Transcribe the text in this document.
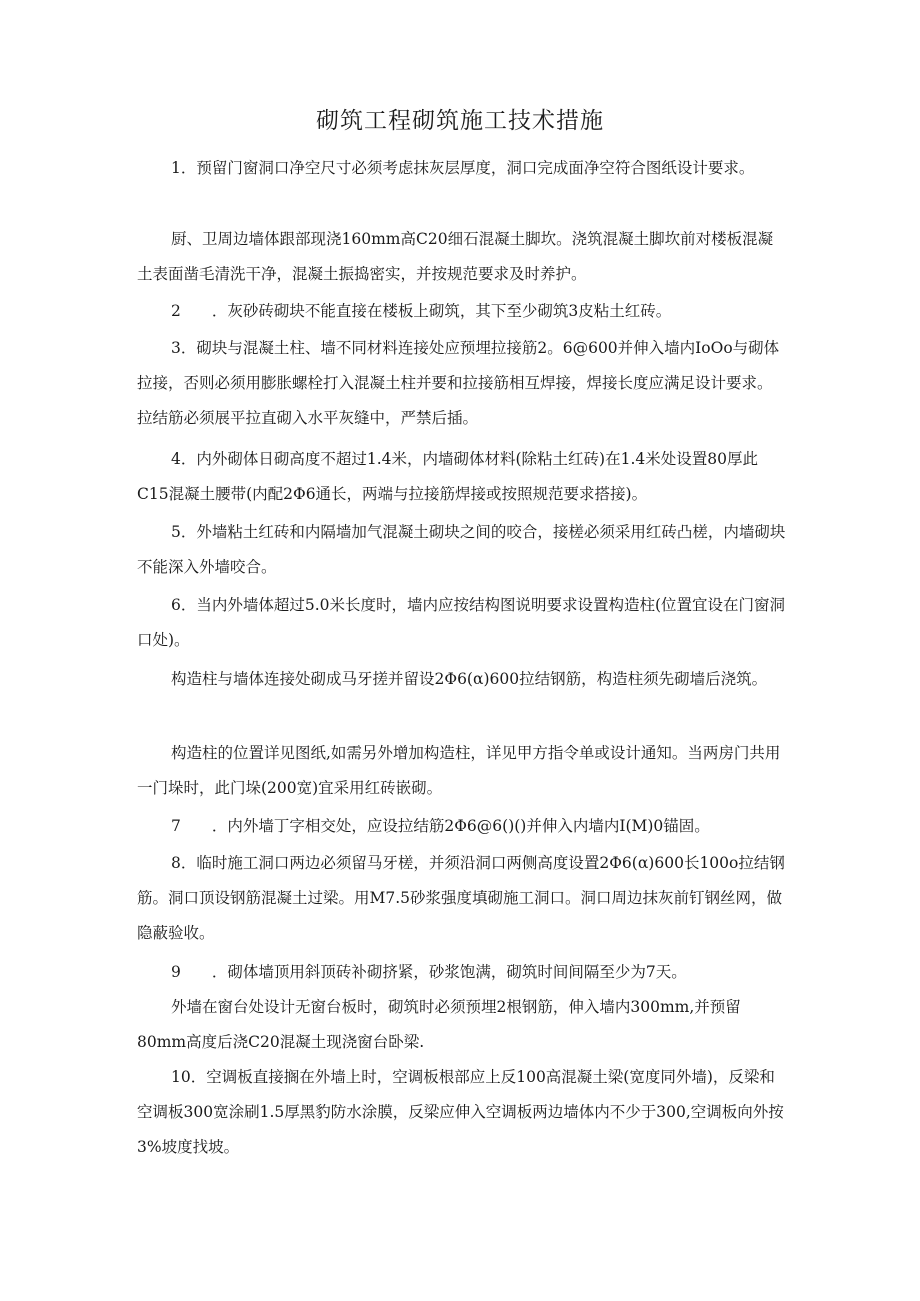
砌筑工程砌筑施工技术措施

1．预留门窗洞口净空尺寸必须考虑抹灰层厚度，洞口完成面净空符合图纸设计要求。

厨、卫周边墙体跟部现浇160mm高C20细石混凝土脚坎。浇筑混凝土脚坎前对楼板混凝土表面凿毛清洗干净，混凝土振捣密实，并按规范要求及时养护。

2　　．灰砂砖砌块不能直接在楼板上砌筑，其下至少砌筑3皮粘土红砖。

3．砌块与混凝土柱、墙不同材料连接处应预埋拉接筋2。6@600并伸入墙内IoOo与砌体拉接，否则必须用膨胀螺栓打入混凝土柱并要和拉接筋相互焊接，焊接长度应满足设计要求。拉结筋必须展平拉直砌入水平灰缝中，严禁后插。

4．内外砌体日砌高度不超过1.4米，内墙砌体材料(除粘土红砖)在1.4米处设置80厚此C15混凝土腰带(内配2Φ6通长，两端与拉接筋焊接或按照规范要求搭接)。

5．外墙粘土红砖和内隔墙加气混凝土砌块之间的咬合，接槎必须采用红砖凸槎，内墙砌块不能深入外墙咬合。

6．当内外墙体超过5.0米长度时，墙内应按结构图说明要求设置构造柱(位置宜设在门窗洞口处)。

构造柱与墙体连接处砌成马牙搓并留设2Φ6(α)600拉结钢筋，构造柱须先砌墙后浇筑。

构造柱的位置详见图纸,如需另外增加构造柱，详见甲方指令单或设计通知。当两房门共用一门垛时，此门垛(200宽)宜采用红砖嵌砌。

7　　．内外墙丁字相交处，应设拉结筋2Φ6@6()()并伸入内墙内I(M)0锚固。

8．临时施工洞口两边必须留马牙槎，并须沿洞口两侧高度设置2Φ6(α)600长100o拉结钢筋。洞口顶设钢筋混凝土过梁。用M7.5砂浆强度填砌施工洞口。洞口周边抹灰前钉钢丝网，做隐蔽验收。

9　　．砌体墙顶用斜顶砖补砌挤紧，砂浆饱满，砌筑时间间隔至少为7天。

外墙在窗台处设计无窗台板时，砌筑时必须预埋2根钢筋，伸入墙内300mm,并预留80mm高度后浇C20混凝土现浇窗台卧梁.

10．空调板直接搁在外墙上时，空调板根部应上反100高混凝土梁(宽度同外墙)，反梁和空调板300宽涂刷1.5厚黑豹防水涂膜，反梁应伸入空调板两边墙体内不少于300,空调板向外按3%坡度找坡。
